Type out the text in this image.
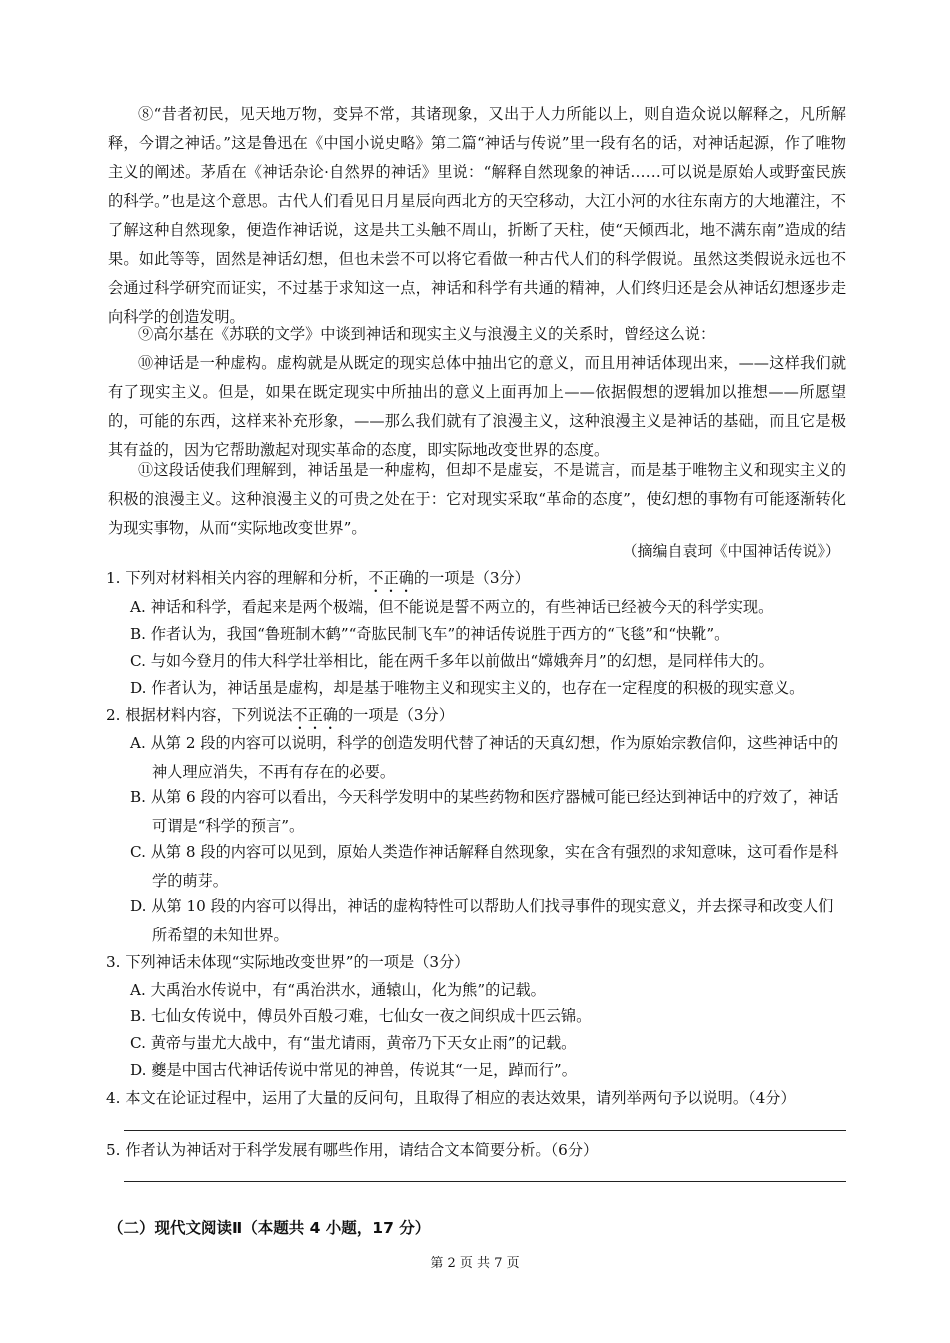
⑧“昔者初民，见天地万物，变异不常，其诸现象，又出于人力所能以上，则自造众说以解释之，凡所解释，今谓之神话。”这是鲁迅在《中国小说史略》第二篇“神话与传说”里一段有名的话，对神话起源，作了唯物主义的阐述。茅盾在《神话杂论·自然界的神话》里说：“解释自然现象的神话……可以说是原始人或野蛮民族的科学。”也是这个意思。古代人们看见日月星辰向西北方的天空移动，大江小河的水往东南方的大地灌注，不了解这种自然现象，便造作神话说，这是共工头触不周山，折断了天柱，使“天倾西北，地不满东南”造成的结果。如此等等，固然是神话幻想，但也未尝不可以将它看做一种古代人们的科学假说。虽然这类假说永远也不会通过科学研究而证实，不过基于求知这一点，神话和科学有共通的精神，人们终归还是会从神话幻想逐步走向科学的创造发明。

⑨高尔基在《苏联的文学》中谈到神话和现实主义与浪漫主义的关系时，曾经这么说：

⑩神话是一种虚构。虚构就是从既定的现实总体中抽出它的意义，而且用神话体现出来，——这样我们就有了现实主义。但是，如果在既定现实中所抽出的意义上面再加上——依据假想的逻辑加以推想——所愿望的，可能的东西，这样来补充形象，——那么我们就有了浪漫主义，这种浪漫主义是神话的基础，而且它是极其有益的，因为它帮助激起对现实革命的态度，即实际地改变世界的态度。

⑪这段话使我们理解到，神话虽是一种虚构，但却不是虚妄，不是谎言，而是基于唯物主义和现实主义的积极的浪漫主义。这种浪漫主义的可贵之处在于：它对现实采取“革命的态度”，使幻想的事物有可能逐渐转化为现实事物，从而“实际地改变世界”。

（摘编自袁珂《中国神话传说》）

1. 下列对材料相关内容的理解和分析，不正确的一项是（3分）

A. 神话和科学，看起来是两个极端，但不能说是誓不两立的，有些神话已经被今天的科学实现。

B. 作者认为，我国“鲁班制木鹤”“奇肱民制飞车”的神话传说胜于西方的“飞毯”和“快靴”。

C. 与如今登月的伟大科学壮举相比，能在两千多年以前做出“嫦娥奔月”的幻想，是同样伟大的。

D. 作者认为，神话虽是虚构，却是基于唯物主义和现实主义的，也存在一定程度的积极的现实意义。

2. 根据材料内容，下列说法不正确的一项是（3分）

A. 从第 2 段的内容可以说明，科学的创造发明代替了神话的天真幻想，作为原始宗教信仰，这些神话中的神人理应消失，不再有存在的必要。

B. 从第 6 段的内容可以看出，今天科学发明中的某些药物和医疗器械可能已经达到神话中的疗效了，神话可谓是“科学的预言”。

C. 从第 8 段的内容可以见到，原始人类造作神话解释自然现象，实在含有强烈的求知意味，这可看作是科学的萌芽。

D. 从第 10 段的内容可以得出，神话的虚构特性可以帮助人们找寻事件的现实意义，并去探寻和改变人们所希望的未知世界。

3. 下列神话未体现“实际地改变世界”的一项是（3分）

A. 大禹治水传说中，有“禹治洪水，通辕山，化为熊”的记载。

B. 七仙女传说中，傅员外百般刁难，七仙女一夜之间织成十匹云锦。

C. 黄帝与蚩尤大战中，有“蚩尤请雨，黄帝乃下天女止雨”的记载。

D. 夔是中国古代神话传说中常见的神兽，传说其“一足，踔而行”。

4. 本文在论证过程中，运用了大量的反问句，且取得了相应的表达效果，请列举两句予以说明。（4分）

5. 作者认为神话对于科学发展有哪些作用，请结合文本简要分析。（6分）

（二）现代文阅读Ⅱ（本题共 4 小题，17 分）
第 2 页 共 7 页
